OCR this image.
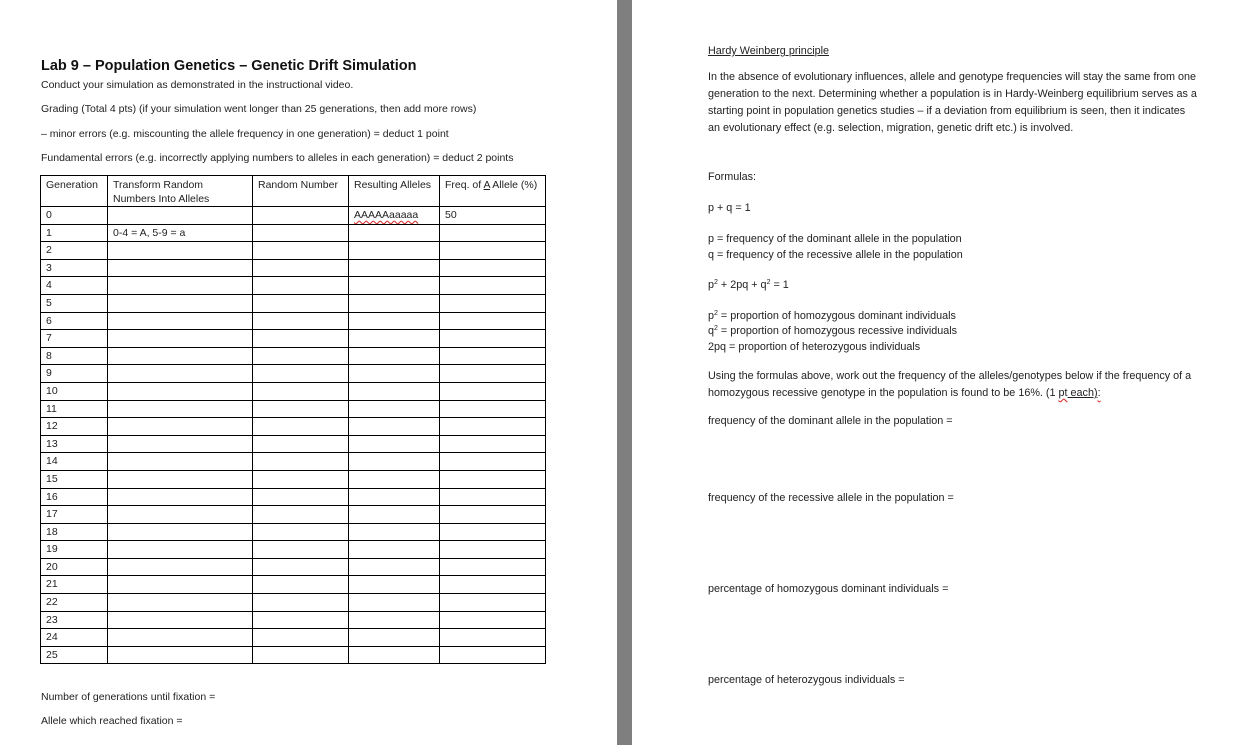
Lab 9 – Population Genetics – Genetic Drift Simulation
Conduct your simulation as demonstrated in the instructional video.
Grading (Total 4 pts) (if your simulation went longer than 25 generations, then add more rows)
– minor errors (e.g. miscounting the allele frequency in one generation) = deduct 1 point
Fundamental errors (e.g. incorrectly applying numbers to alleles in each generation) = deduct 2 points
Generation	Transform Random Numbers Into Alleles	Random Number	Resulting Alleles	Freq. of A Allele (%)
0			AAAAAaaaaa	50
1	0-4 = A, 5-9 = a			
2				
3				
4				
5				
6				
7				
8				
9				
10				
11				
12				
13				
14				
15				
16				
17				
18				
19				
20				
21				
22				
23				
24				
25				
Number of generations until fixation =
Allele which reached fixation =
Hardy Weinberg principle
In the absence of evolutionary influences, allele and genotype frequencies will stay the same from one generation to the next. Determining whether a population is in Hardy-Weinberg equilibrium serves as a starting point in population genetics studies – if a deviation from equilibrium is seen, then it indicates an evolutionary effect (e.g. selection, migration, genetic drift etc.) is involved.
Formulas:
p + q = 1
p = frequency of the dominant allele in the population
q = frequency of the recessive allele in the population
$p^2 + 2pq + q^2 = 1$
$p^2$ = proportion of homozygous dominant individuals
$q^2$ = proportion of homozygous recessive individuals
2pq = proportion of heterozygous individuals
Using the formulas above, work out the frequency of the alleles/genotypes below if the frequency of a homozygous recessive genotype in the population is found to be 16%. (1 pt each):
frequency of the dominant allele in the population =
frequency of the recessive allele in the population =
percentage of homozygous dominant individuals =
percentage of heterozygous individuals =
